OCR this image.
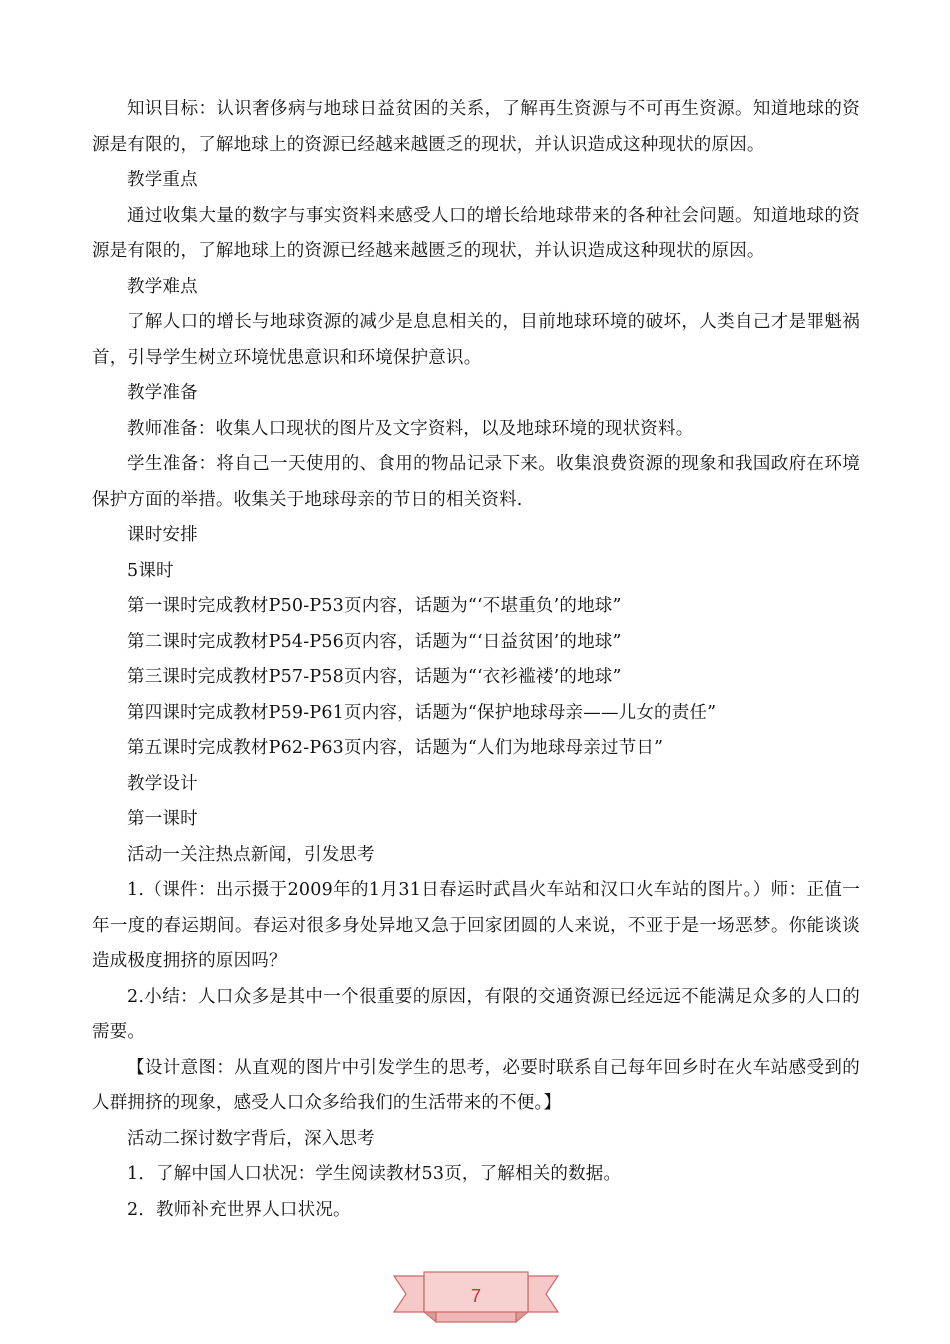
知识目标：认识奢侈病与地球日益贫困的关系，了解再生资源与不可再生资源。知道地球的资源是有限的，了解地球上的资源已经越来越匮乏的现状，并认识造成这种现状的原因。

教学重点

通过收集大量的数字与事实资料来感受人口的增长给地球带来的各种社会问题。知道地球的资源是有限的，了解地球上的资源已经越来越匮乏的现状，并认识造成这种现状的原因。

教学难点

了解人口的增长与地球资源的减少是息息相关的，目前地球环境的破坏，人类自己才是罪魁祸首，引导学生树立环境忧患意识和环境保护意识。

教学准备

教师准备：收集人口现状的图片及文字资料，以及地球环境的现状资料。

学生准备：将自己一天使用的、食用的物品记录下来。收集浪费资源的现象和我国政府在环境保护方面的举措。收集关于地球母亲的节日的相关资料.

课时安排

5课时

第一课时完成教材P50-P53页内容，话题为“‘不堪重负’的地球”

第二课时完成教材P54-P56页内容，话题为“‘日益贫困’的地球”

第三课时完成教材P57-P58页内容，话题为“‘衣衫褴褛’的地球”

第四课时完成教材P59-P61页内容，话题为“保护地球母亲——儿女的责任”

第五课时完成教材P62-P63页内容，话题为“人们为地球母亲过节日”

教学设计

第一课时

活动一关注热点新闻，引发思考

1.（课件：出示摄于2009年的1月31日春运时武昌火车站和汉口火车站的图片。）师：正值一年一度的春运期间。春运对很多身处异地又急于回家团圆的人来说，不亚于是一场恶梦。你能谈谈造成极度拥挤的原因吗？

2.小结：人口众多是其中一个很重要的原因，有限的交通资源已经远远不能满足众多的人口的需要。

【设计意图：从直观的图片中引发学生的思考，必要时联系自己每年回乡时在火车站感受到的人群拥挤的现象，感受人口众多给我们的生活带来的不便。】

活动二探讨数字背后，深入思考

1．了解中国人口状况：学生阅读教材53页，了解相关的数据。

2．教师补充世界人口状况。

7
